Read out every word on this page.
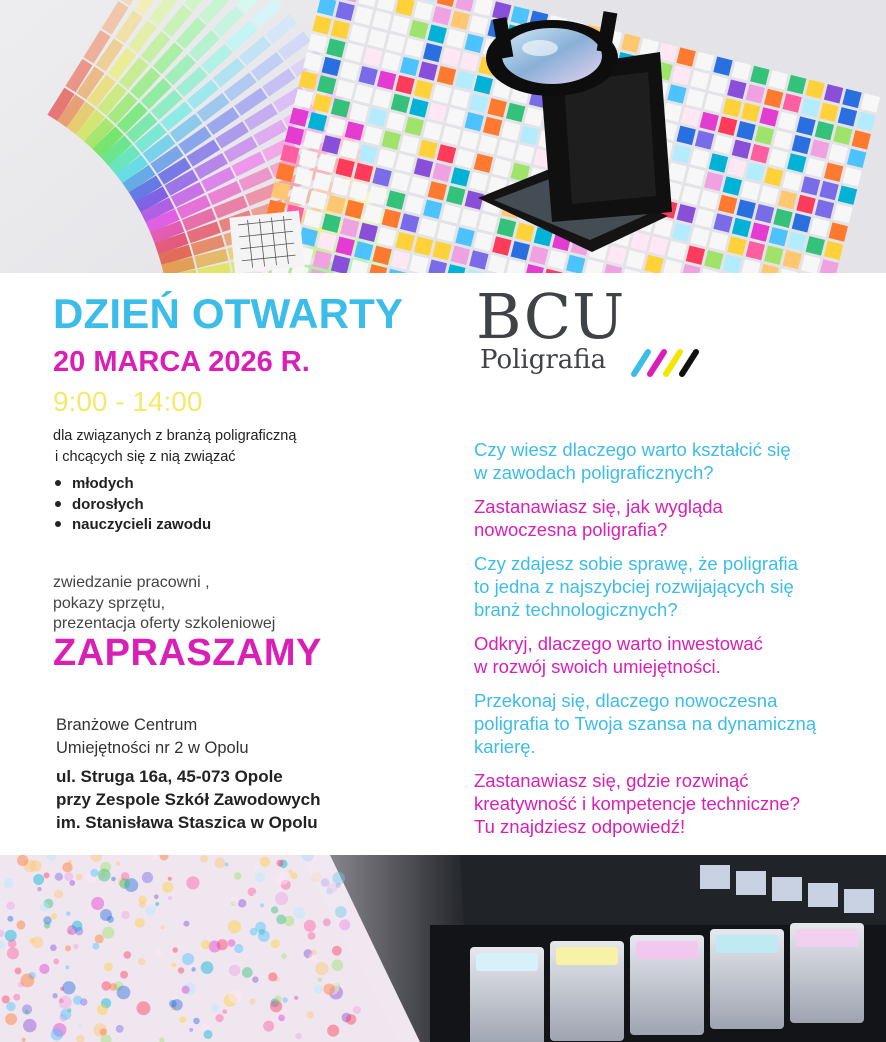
DZIEŃ OTWARTY
20 MARCA 2026 R.
9:00 - 14:00
dla związanych z branżą poligraficzną
i chcących się z nią związać
młodych
dorosłych
nauczycieli zawodu
zwiedzanie pracowni ,
pokazy sprzętu,
prezentacja oferty szkoleniowej
ZAPRASZAMY
Branżowe Centrum
Umiejętności nr 2 w Opolu
ul. Struga 16a, 45-073 Opole
przy Zespole Szkół Zawodowych
im. Stanisława Staszica w Opolu
BCU
Poligrafia
Czy wiesz dlaczego warto kształcić się
w zawodach poligraficznych?
Zastanawiasz się, jak wygląda
nowoczesna poligrafia?
Czy zdajesz sobie sprawę, że poligrafia
to jedna z najszybciej rozwijających się
branż technologicznych?
Odkryj, dlaczego warto inwestować
w rozwój swoich umiejętności.
Przekonaj się, dlaczego nowoczesna
poligrafia to Twoja szansa na dynamiczną
karierę.
Zastanawiasz się, gdzie rozwinąć
kreatywność i kompetencje techniczne?
Tu znajdziesz odpowiedź!
